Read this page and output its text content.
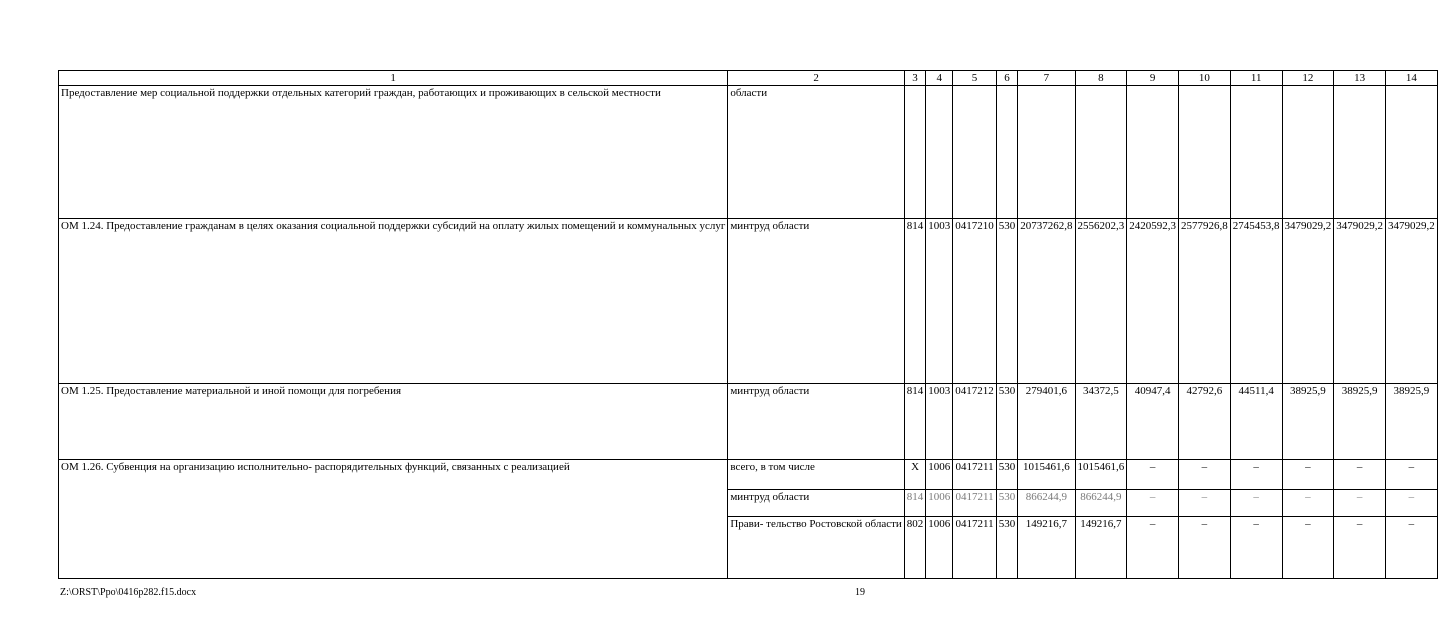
1	2	3	4	5	6	7	8	9	10	11	12	13	14
Предоставление мер социальной поддержки отдельных категорий граждан, работающих и проживающих в сельской местности	области												
ОМ 1.24. Предоставление гражданам в целях оказания социальной поддержки субсидий на оплату жилых помещений и коммунальных услуг	минтруд области	814	1003	0417210	530	20737262,8	2556202,3	2420592,3	2577926,8	2745453,8	3479029,2	3479029,2	3479029,2
ОМ 1.25. Предоставление материальной и иной помощи для погребения	минтруд области	814	1003	0417212	530	279401,6	34372,5	40947,4	42792,6	44511,4	38925,9	38925,9	38925,9
ОМ 1.26. Субвенция на организацию исполнительно- распорядительных функций, связанных с реализацией	всего, в том числе	Х	1006	0417211	530	1015461,6	1015461,6	–	–	–	–	–	–
	минтруд области	814	1006	0417211	530	866244,9	866244,9	–	–	–	–	–	–
	Прави- тельство Ростовской области	802	1006	0417211	530	149216,7	149216,7	–	–	–	–	–	–
Z:\ORST\Ppo\0416p282.f15.docx	19
